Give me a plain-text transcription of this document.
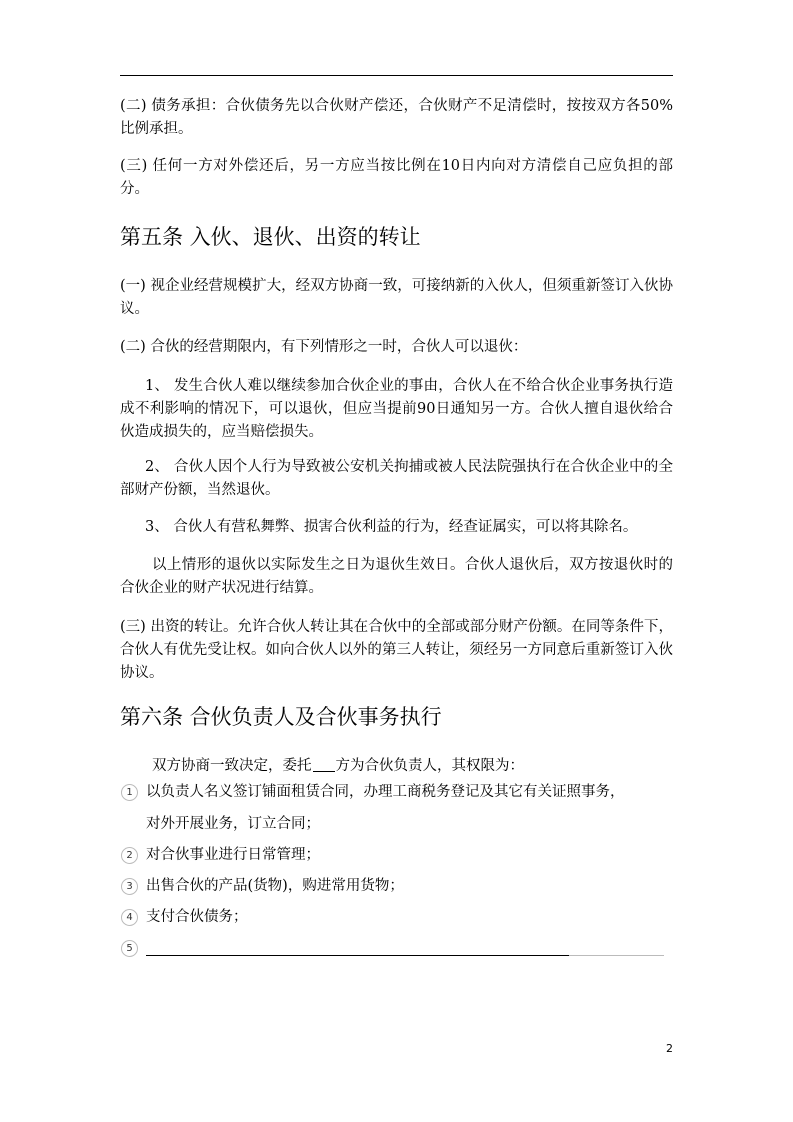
(二) 债务承担：合伙债务先以合伙财产偿还，合伙财产不足清偿时，按按双方各50%比例承担。
(三) 任何一方对外偿还后，另一方应当按比例在10日内向对方清偿自己应负担的部分。
第五条 入伙、退伙、出资的转让
(一) 视企业经营规模扩大，经双方协商一致，可接纳新的入伙人，但须重新签订入伙协议。
(二) 合伙的经营期限内，有下列情形之一时，合伙人可以退伙：
1、 发生合伙人难以继续参加合伙企业的事由，合伙人在不给合伙企业事务执行造成不利影响的情况下，可以退伙，但应当提前90日通知另一方。合伙人擅自退伙给合伙造成损失的，应当赔偿损失。
2、 合伙人因个人行为导致被公安机关拘捕或被人民法院强执行在合伙企业中的全部财产份额，当然退伙。
3、 合伙人有营私舞弊、损害合伙利益的行为，经查证属实，可以将其除名。
以上情形的退伙以实际发生之日为退伙生效日。合伙人退伙后，双方按退伙时的合伙企业的财产状况进行结算。
(三) 出资的转让。允许合伙人转让其在合伙中的全部或部分财产份额。在同等条件下，合伙人有优先受让权。如向合伙人以外的第三人转让，须经另一方同意后重新签订入伙协议。
第六条 合伙负责人及合伙事务执行
双方协商一致决定，委托 方为合伙负责人，其权限为：
1 以负责人名义签订铺面租赁合同，办理工商税务登记及其它有关证照事务，
对外开展业务，订立合同；
2 对合伙事业进行日常管理；
3 出售合伙的产品(货物)，购进常用货物；
4 支付合伙债务；
5
2
